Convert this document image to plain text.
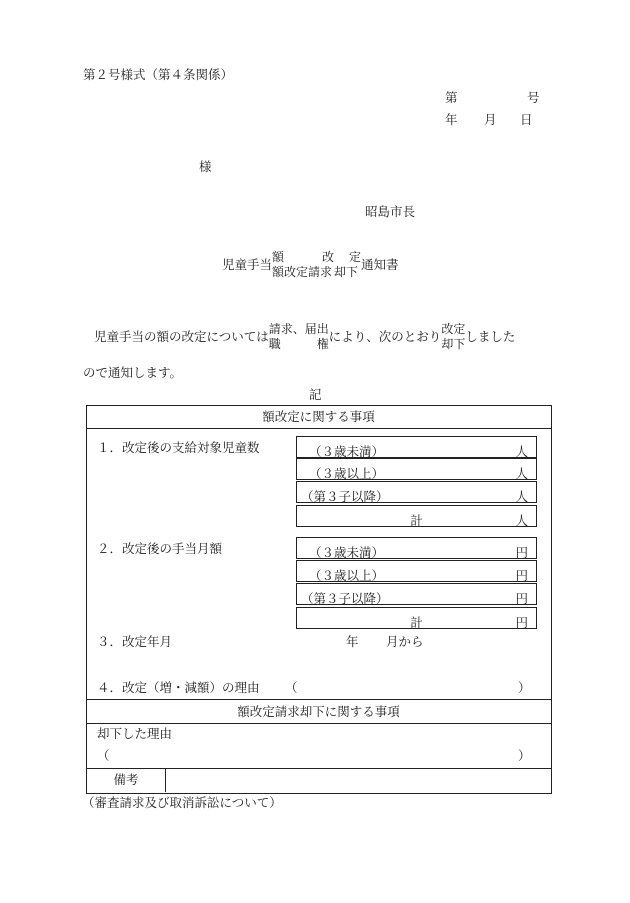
第２号様式（第４条関係）
第	号
年 月 日
様
昭島市長
児童手当 額
額改定
改
請求
定
却下
通知書
児童手当の額の改定については 請求、
職
届出
権
により、次のとおり 改定
却下
しました
ので通知します。
記
額改定に関する事項
１．改定後の支給対象児童数	（３歳未満）	人
（３歳以上）	人
（第３子以降）	人
計	人
２．改定後の手当月額	（３歳未満）	円
（３歳以上）	円
（第３子以降）	円
計	円
３．改定年月	年 月から
４．改定（増・減額）の理由 （	）
額改定請求却下に関する事項
却下した理由
（	）
備考
（審査請求及び取消訴訟について）
